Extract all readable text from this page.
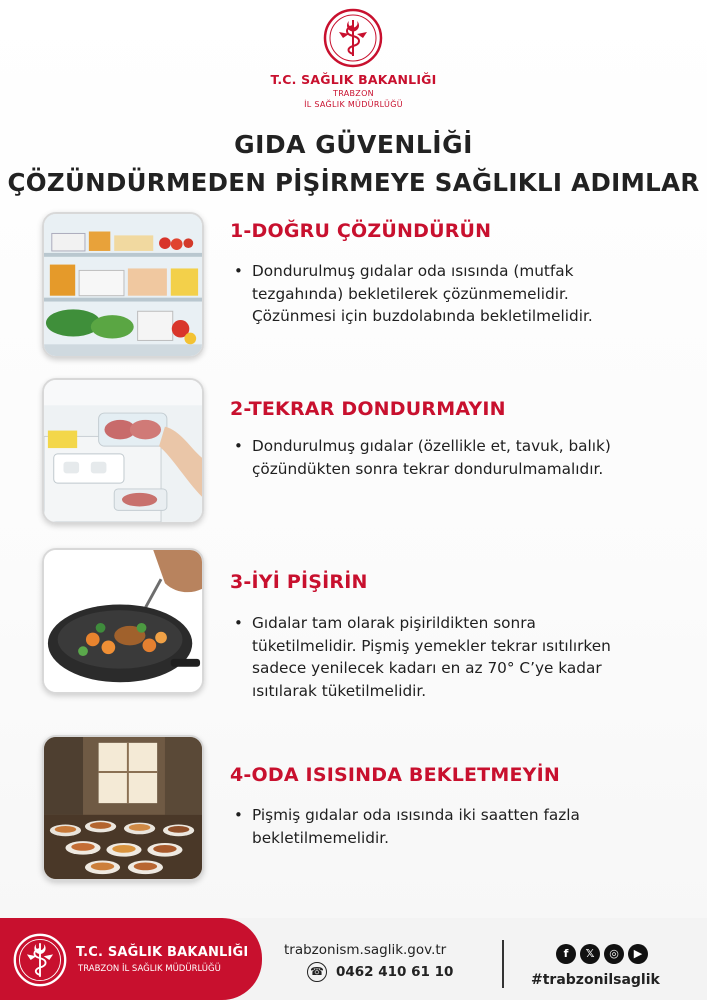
T.C. SAĞLIK BAKANLIĞI
TRABZON
İL SAĞLIK MÜDÜRLÜĞÜ
GIDA GÜVENLİĞİ
ÇÖZÜNDÜRMEDEN PİŞİRMEYE SAĞLIKLI ADIMLAR
1-DOĞRU ÇÖZÜNDÜRÜN
• Dondurulmuş gıdalar oda ısısında (mutfak
tezgahında) bekletilerek çözünmemelidir.
Çözünmesi için buzdolabında bekletilmelidir.
2-TEKRAR DONDURMAYIN
• Dondurulmuş gıdalar (özellikle et, tavuk, balık)
çözündükten sonra tekrar dondurulmamalıdır.
3-İYİ PİŞİRİN
• Gıdalar tam olarak pişirildikten sonra
tüketilmelidir. Pişmiş yemekler tekrar ısıtılırken
sadece yenilecek kadarı en az 70° C’ye kadar
ısıtılarak tüketilmelidir.
4-ODA ISISINDA BEKLETMEYİN
• Pişmiş gıdalar oda ısısında iki saatten fazla
bekletilmemelidir.
T.C. SAĞLIK BAKANLIĞI
TRABZON İL SAĞLIK MÜDÜRLÜĞÜ
trabzonism.saglik.gov.tr
☎ 0462 410 61 10
f	𝕏	◎	▶
#trabzonilsaglik
